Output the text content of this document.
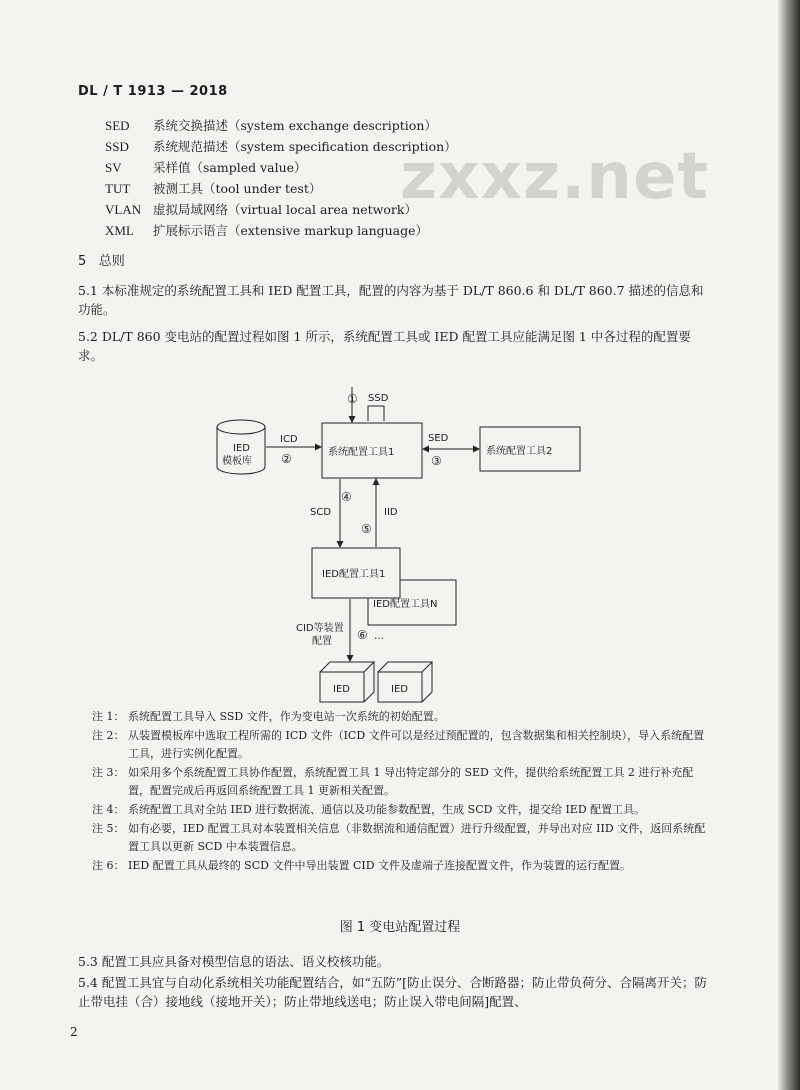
zxxz.net
DL / T 1913 — 2018
SED 系统交换描述（system exchange description）
SSD 系统规范描述（system specification description）
SV	采样值（sampled value）
TUT 被测工具（tool under test）
VLAN 虚拟局域网络（virtual local area network）
XML 扩展标示语言（extensive markup language）
5 总则
5.1 本标准规定的系统配置工具和 IED 配置工具，配置的内容为基于 DL/T 860.6 和 DL/T 860.7 描述的信息和功能。
5.2 DL/T 860 变电站的配置过程如图 1 所示，系统配置工具或 IED 配置工具应能满足图 1 中各过程的配置要求。
IED
模板库
系统配置工具1	系统配置工具2
IED配置工具1
IED配置工具N
IED	IED
SSD
ICD	SED
SCD	IID
CID等装置
配置
①
②	③
④
⑤
⑥ …
注 1： 系统配置工具导入 SSD 文件，作为变电站一次系统的初始配置。
注 2： 从装置模板库中选取工程所需的 ICD 文件（ICD 文件可以是经过预配置的，包含数据集和相关控制块），导入系统配置工具，进行实例化配置。
注 3： 如采用多个系统配置工具协作配置，系统配置工具 1 导出特定部分的 SED 文件，提供给系统配置工具 2 进行补充配置，配置完成后再返回系统配置工具 1 更新相关配置。
注 4： 系统配置工具对全站 IED 进行数据流、通信以及功能参数配置，生成 SCD 文件，提交给 IED 配置工具。
注 5： 如有必要，IED 配置工具对本装置相关信息（非数据流和通信配置）进行升级配置，并导出对应 IID 文件，返回系统配置工具以更新 SCD 中本装置信息。
注 6： IED 配置工具从最终的 SCD 文件中导出装置 CID 文件及虚端子连接配置文件，作为装置的运行配置。
图 1 变电站配置过程
5.3 配置工具应具备对模型信息的语法、语义校核功能。
5.4 配置工具宜与自动化系统相关功能配置结合，如“五防”[防止误分、合断路器；防止带负荷分、合隔离开关；防止带电挂（合）接地线（接地开关）；防止带地线送电；防止误入带电间隔]配置、
2
